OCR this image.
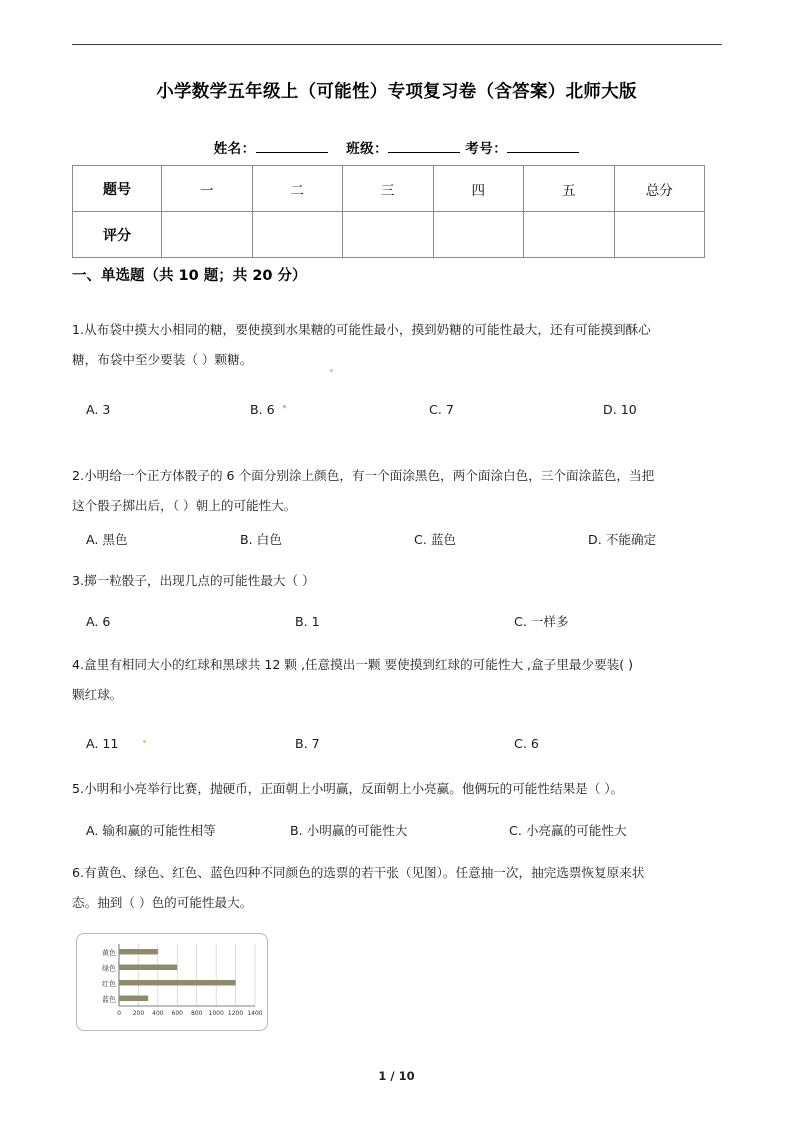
小学数学五年级上（可能性）专项复习卷（含答案）北师大版
姓名：	班级：	考号：
题号	一	二	三	四	五	总分
评分						
一、单选题（共 10 题；共 20 分）
1.从布袋中摸大小相同的糖，要使摸到水果糖的可能性最小，摸到奶糖的可能性最大，还有可能摸到酥心
糖，布袋中至少要装（ ）颗糖。
A. 3	B. 6	C. 7	D. 10
2.小明给一个正方体骰子的 6 个面分别涂上颜色，有一个面涂黑色，两个面涂白色，三个面涂蓝色，当把
这个骰子掷出后，（ ）朝上的可能性大。
A. 黑色	B. 白色	C. 蓝色	D. 不能确定
3.掷一粒骰子，出现几点的可能性最大（ ）
A. 6	B. 1	C. 一样多
4.盒里有相同大小的红球和黑球共 12 颗 ,任意摸出一颗 要使摸到红球的可能性大 ,盒子里最少要装( )
颗红球。
A. 11	B. 7	C. 6
5.小明和小亮举行比赛，抛硬币，正面朝上小明赢，反面朝上小亮赢。他俩玩的可能性结果是（ ）。
A. 输和赢的可能性相等	B. 小明赢的可能性大	C. 小亮赢的可能性大
6.有黄色、绿色、红色、蓝色四种不同颜色的选票的若干张（见图）。任意抽一次，抽完选票恢复原来状
态。抽到（ ）色的可能性最大。
黄色
绿色
红色
蓝色
0 200 400 600 800 1000 1200 1400
1 / 10
